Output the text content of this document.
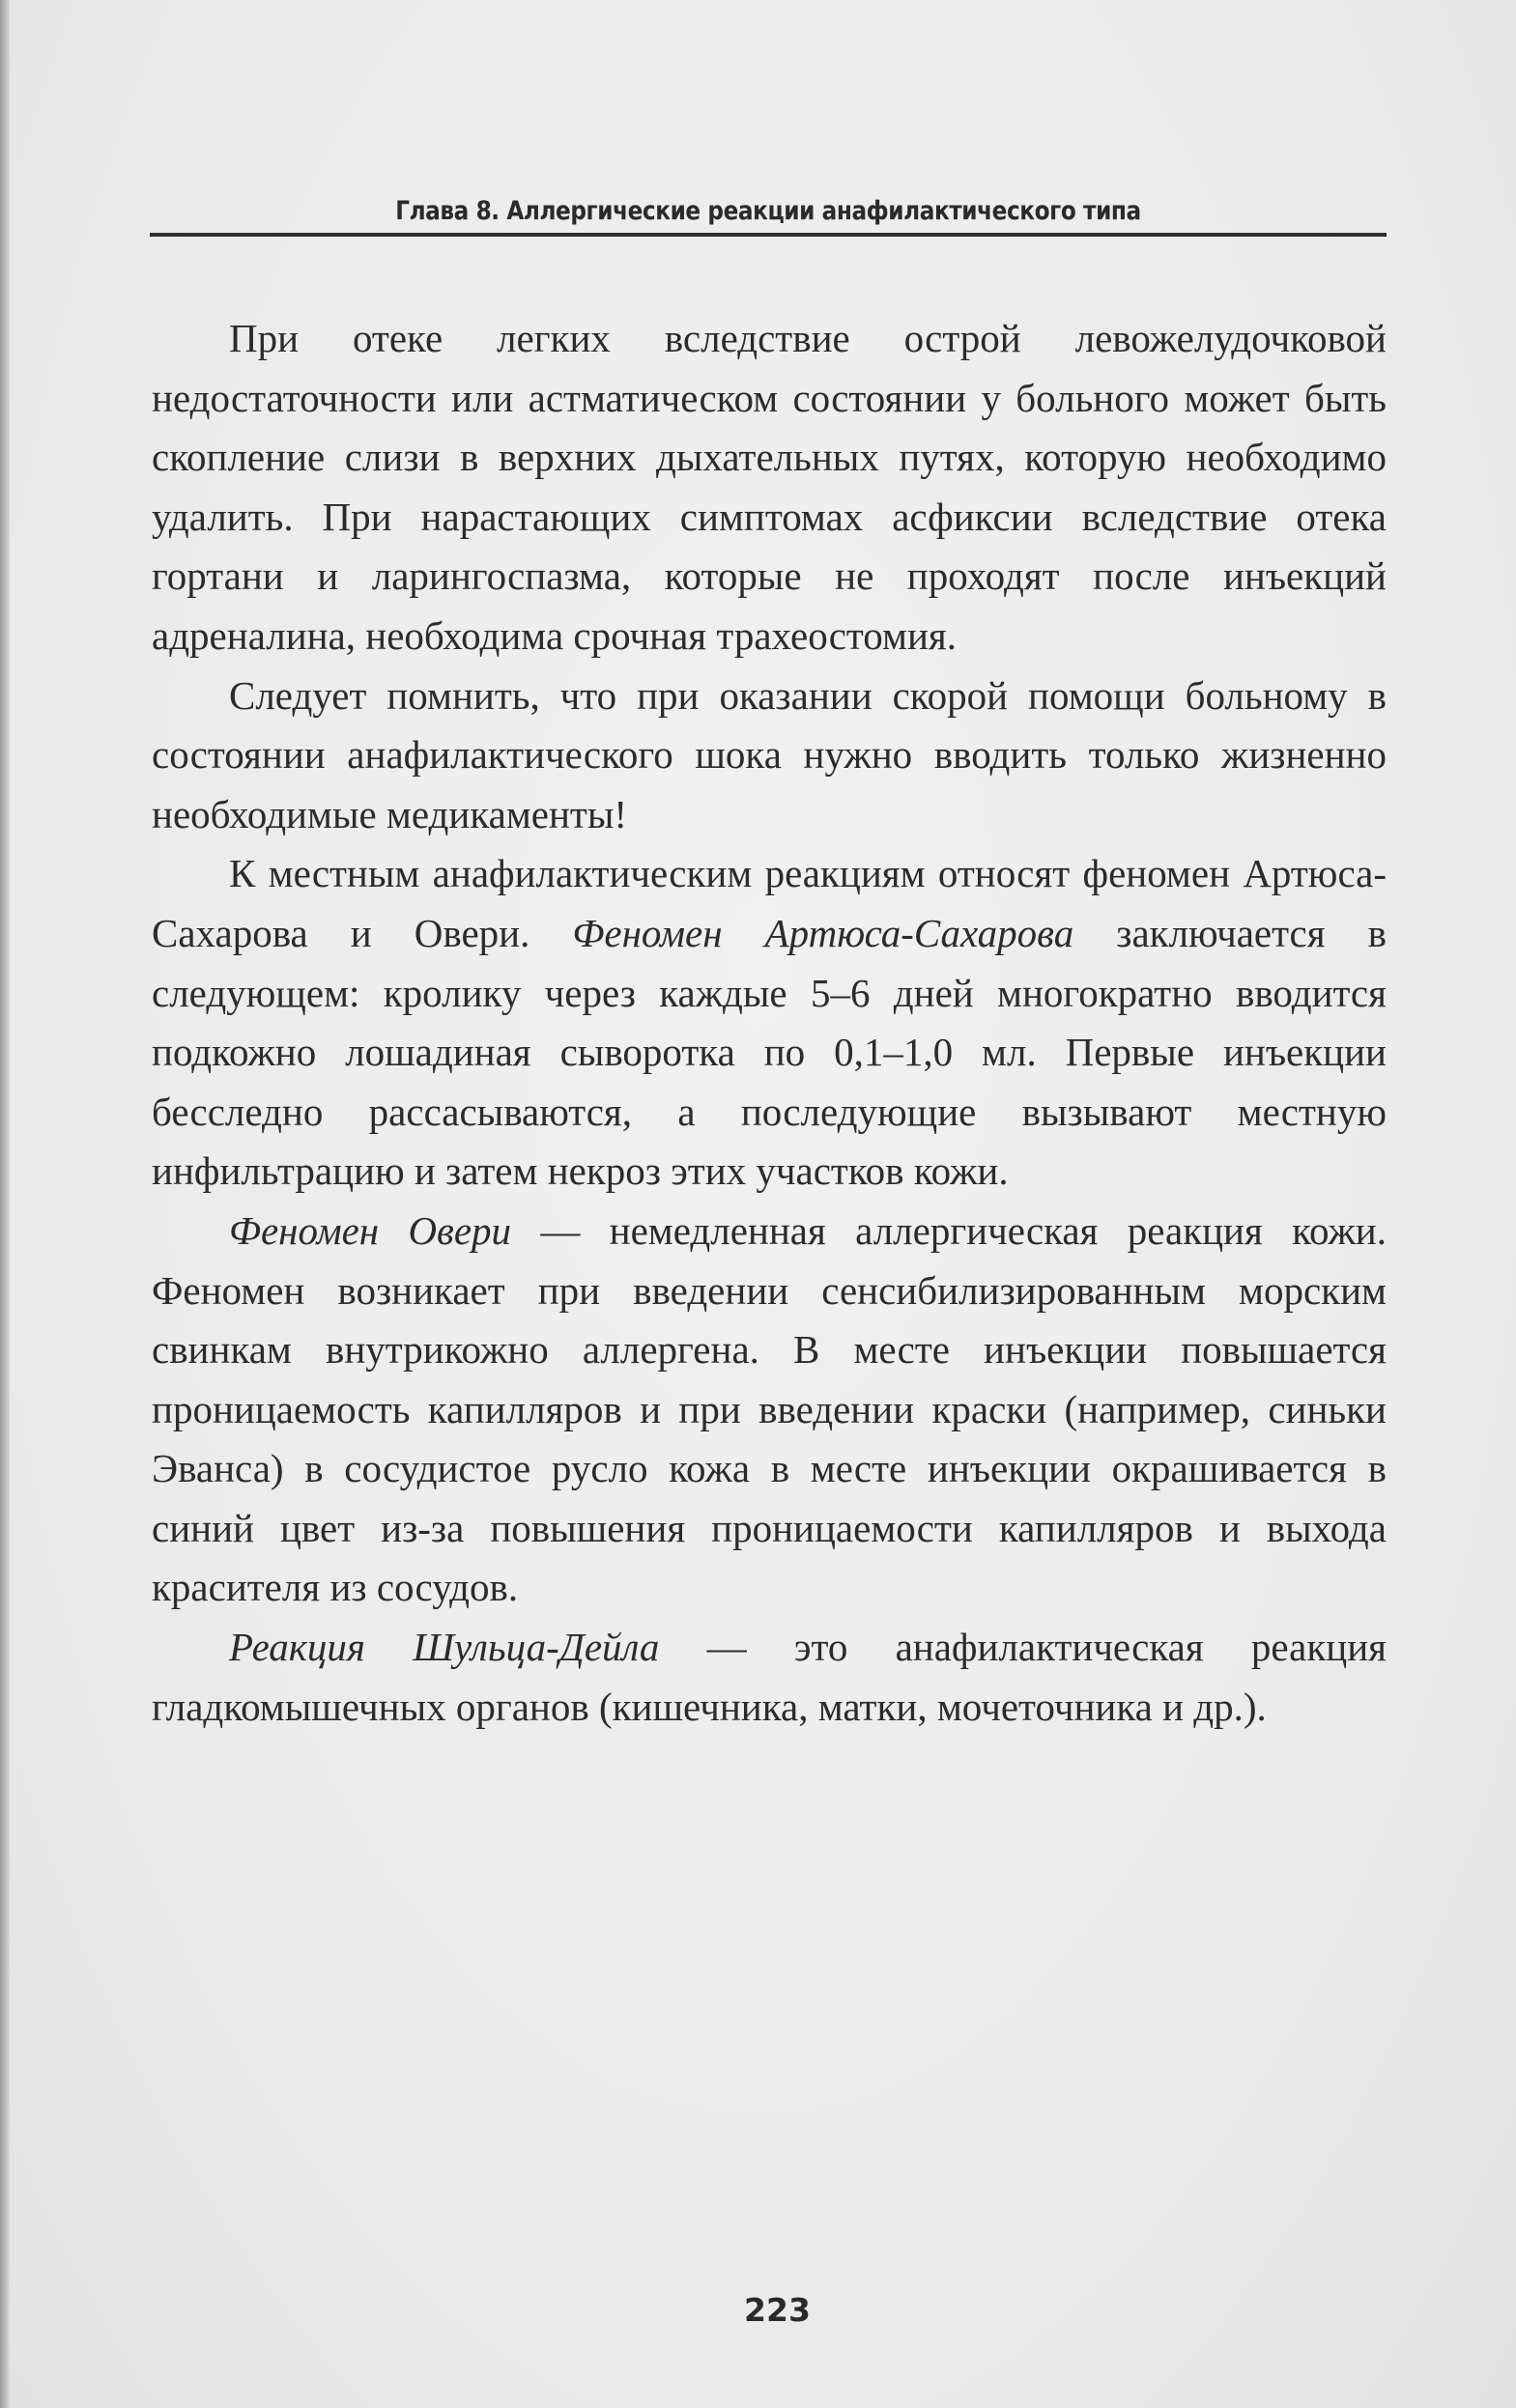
Глава 8. Аллергические реакции анафилактического типа

При отеке легких вследствие острой левожелудочковой недостаточности или астматическом состоянии у больного может быть скопление слизи в верхних дыхательных путях, которую необходимо удалить. При нарастающих симптомах асфиксии вследствие отека гортани и ларингоспазма, которые не проходят после инъекций адреналина, необходима срочная трахеостомия.

Следует помнить, что при оказании скорой помощи больному в состоянии анафилактического шока нужно вводить только жизненно необходимые медикаменты!

К местным анафилактическим реакциям относят феномен Артюса-Сахарова и Овери. Феномен Артюса-Сахарова заключается в следующем: кролику через каждые 5–6 дней многократно вводится подкожно лошадиная сыворотка по 0,1–1,0 мл. Первые инъекции бесследно рассасываются, а последующие вызывают местную инфильтрацию и затем некроз этих участков кожи.

Феномен Овери — немедленная аллергическая реакция кожи. Феномен возникает при введении сенсибилизированным морским свинкам внутрикожно аллергена. В месте инъекции повышается проницаемость капилляров и при введении краски (например, синьки Эванса) в сосудистое русло кожа в месте инъекции окрашивается в синий цвет из-за повышения проницаемости капилляров и выхода красителя из сосудов.

Реакция Шульца-Дейла — это анафилактическая реакция гладкомышечных органов (кишечника, матки, мочеточника и др.).

223
